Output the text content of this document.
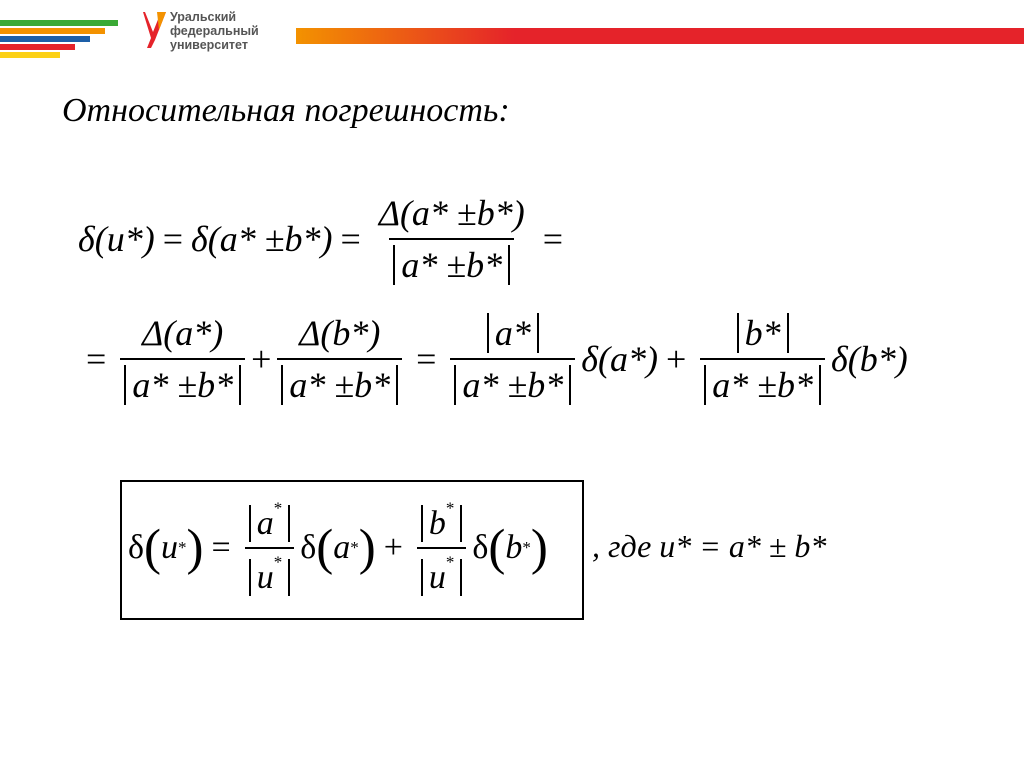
Уральский
федеральный
университет
Относительная погрешность:
$\delta(u*) = \delta(a* \pm b*) = \frac{\Delta(a* \pm b*)}{a* \pm b*}$ =
= $\frac{\Delta(a*)}{a* \pm b*} + \frac{\Delta(b*)}{a* \pm b*} = \frac{a*}{a* \pm b*} \delta(a*) + \frac{b*}{a* \pm b*} \delta(b*)$
δ ( u * ) = $\frac{a^*}{u^*}$ δ ( a * ) + $\frac{b^*}{u^*}$ δ ( b * ) , где u* = a* ± b*
